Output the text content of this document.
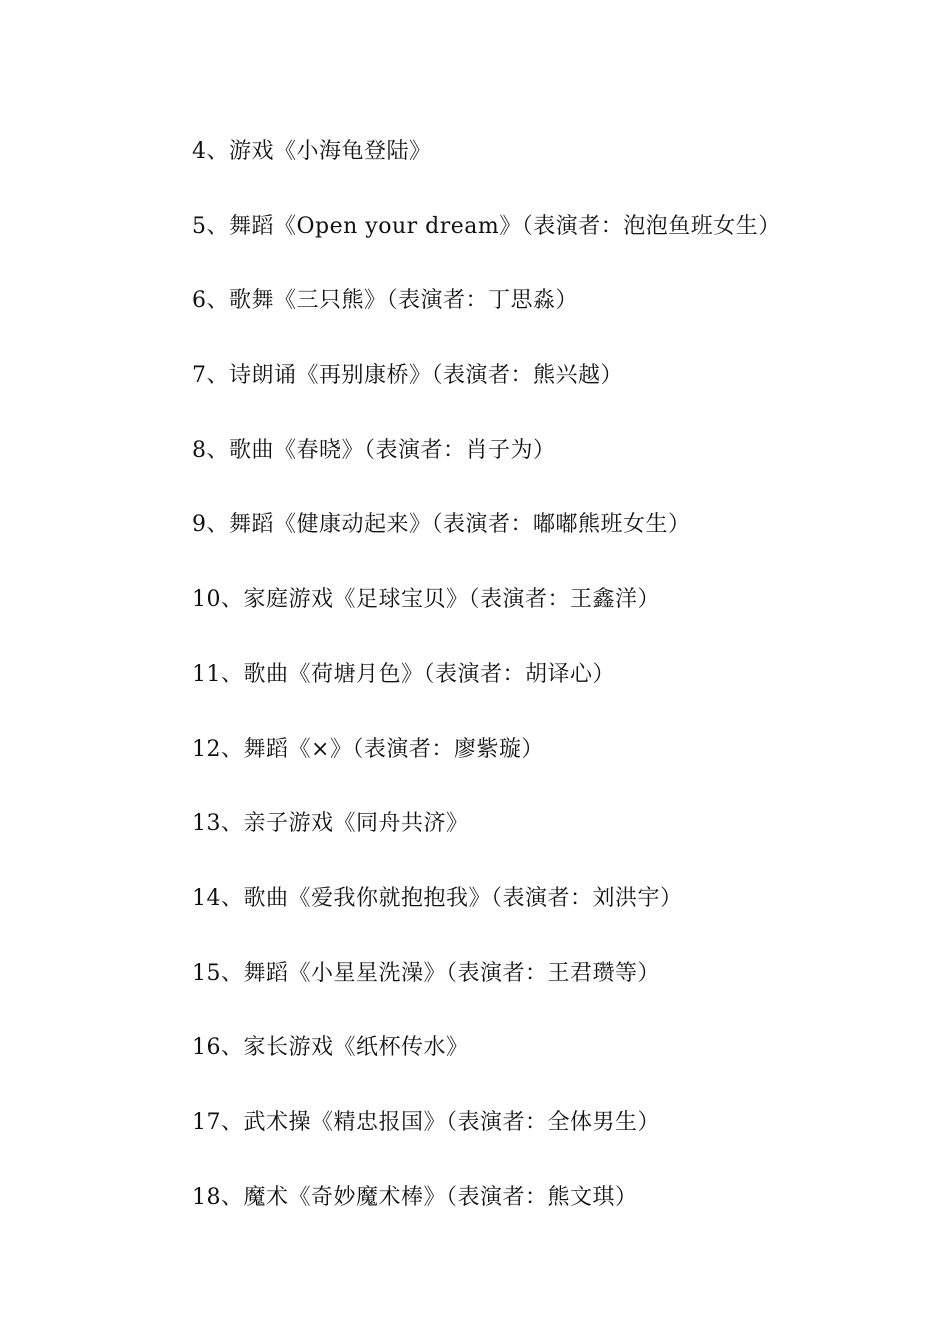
4、游戏《小海龟登陆》
5、舞蹈《Open your dream》（表演者：泡泡鱼班女生）
6、歌舞《三只熊》（表演者：丁思淼）
7、诗朗诵《再别康桥》（表演者：熊兴越）
8、歌曲《春晓》（表演者：肖子为）
9、舞蹈《健康动起来》（表演者：嘟嘟熊班女生）
10、家庭游戏《足球宝贝》（表演者：王鑫洋）
11、歌曲《荷塘月色》（表演者：胡译心）
12、舞蹈《×》（表演者：廖紫璇）
13、亲子游戏《同舟共济》
14、歌曲《爱我你就抱抱我》（表演者：刘洪宇）
15、舞蹈《小星星洗澡》（表演者：王君瓒等）
16、家长游戏《纸杯传水》
17、武术操《精忠报国》（表演者：全体男生）
18、魔术《奇妙魔术棒》（表演者：熊文琪）
